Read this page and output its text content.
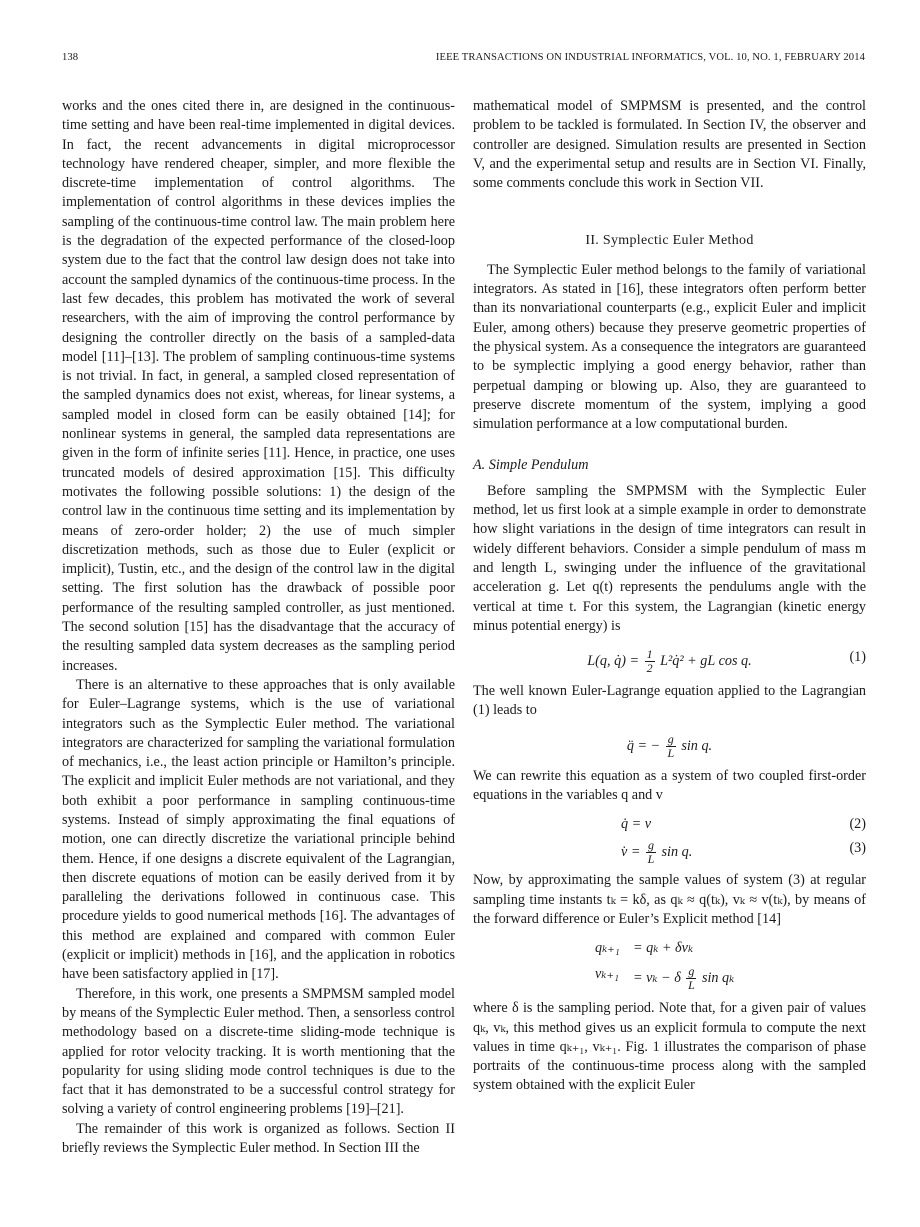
138	IEEE TRANSACTIONS ON INDUSTRIAL INFORMATICS, VOL. 10, NO. 1, FEBRUARY 2014

works and the ones cited there in, are designed in the continuous-time setting and have been real-time implemented in digital devices. In fact, the recent advancements in digital microprocessor technology have rendered cheaper, simpler, and more flexible the discrete-time implementation of control algorithms. The implementation of control algorithms in these devices implies the sampling of the continuous-time control law. The main problem here is the degradation of the expected performance of the closed-loop system due to the fact that the control law design does not take into account the sampled dynamics of the continuous-time process. In the last few decades, this problem has motivated the work of several researchers, with the aim of improving the control performance by designing the controller directly on the basis of a sampled-data model [11]–[13]. The problem of sampling continuous-time systems is not trivial. In fact, in general, a sampled closed representation of the sampled dynamics does not exist, whereas, for linear systems, a sampled model in closed form can be easily obtained [14]; for nonlinear systems in general, the sampled data representations are given in the form of infinite series [11]. Hence, in practice, one uses truncated models of desired approximation [15]. This difficulty motivates the following possible solutions: 1) the design of the control law in the continuous time setting and its implementation by means of zero-order holder; 2) the use of much simpler discretization methods, such as those due to Euler (explicit or implicit), Tustin, etc., and the design of the control law in the digital setting. The first solution has the drawback of possible poor performance of the resulting sampled controller, as just mentioned. The second solution [15] has the disadvantage that the accuracy of the resulting sampled data system decreases as the sampling period increases.

There is an alternative to these approaches that is only available for Euler–Lagrange systems, which is the use of variational integrators such as the Symplectic Euler method. The variational integrators are characterized for sampling the variational formulation of mechanics, i.e., the least action principle or Hamilton’s principle. The explicit and implicit Euler methods are not variational, and they both exhibit a poor performance in sampling continuous-time systems. Instead of simply approximating the final equations of motion, one can directly discretize the variational principle behind them. Hence, if one designs a discrete equivalent of the Lagrangian, then discrete equations of motion can be easily derived from it by paralleling the derivations followed in continuous case. This procedure yields to good numerical methods [16]. The advantages of this method are explained and compared with common Euler (explicit or implicit) methods in [16], and the application in robotics have been satisfactory applied in [17].

Therefore, in this work, one presents a SMPMSM sampled model by means of the Symplectic Euler method. Then, a sensorless control methodology based on a discrete-time sliding-mode technique is applied for rotor velocity tracking. It is worth mentioning that the popularity for using sliding mode control techniques is due to the fact that it has demonstrated to be a successful control strategy for solving a variety of control engineering problems [19]–[21].

The remainder of this work is organized as follows. Section II briefly reviews the Symplectic Euler method. In Section III the

mathematical model of SMPMSM is presented, and the control problem to be tackled is formulated. In Section IV, the observer and controller are designed. Simulation results are presented in Section V, and the experimental setup and results are in Section VI. Finally, some comments conclude this work in Section VII.

II. Symplectic Euler Method

The Symplectic Euler method belongs to the family of variational integrators. As stated in [16], these integrators often perform better than its nonvariational counterparts (e.g., explicit Euler and implicit Euler, among others) because they preserve geometric properties of the physical system. As a consequence the integrators are guaranteed to be symplectic implying a good energy behavior, rather than perpetual damping or blowing up. Also, they are guaranteed to preserve discrete momentum of the system, implying a good simulation performance at a low computational burden.

A. Simple Pendulum

Before sampling the SMPMSM with the Symplectic Euler method, let us first look at a simple example in order to demonstrate how slight variations in the design of time integrators can result in widely different behaviors. Consider a simple pendulum of mass m and length L, swinging under the influence of the gravitational acceleration g. Let q(t) represents the pendulums angle with the vertical at time t. For this system, the Lagrangian (kinetic energy minus potential energy) is

L(q, q̇) = $\frac{1}{2}$ L²q̇² + gL cos q.	(1)

The well known Euler-Lagrange equation applied to the Lagrangian (1) leads to

q̈ = − $\frac{g}{L}$ sin q.

We can rewrite this equation as a system of two coupled first-order equations in the variables q and v

q̇ = v	(2)
v̇ = $\frac{g}{L}$ sin q.	(3)

Now, by approximating the sample values of system (3) at regular sampling time instants tₖ = kδ, as qₖ ≈ q(tₖ), vₖ ≈ v(tₖ), by means of the forward difference or Euler’s Explicit method [14]

qₖ₊₁ = qₖ + δvₖ
vₖ₊₁ = vₖ − δ $\frac{g}{L}$ sin qₖ

where δ is the sampling period. Note that, for a given pair of values qₖ, vₖ, this method gives us an explicit formula to compute the next values in time qₖ₊₁, vₖ₊₁. Fig. 1 illustrates the comparison of phase portraits of the continuous-time process along with the sampled system obtained with the explicit Euler
